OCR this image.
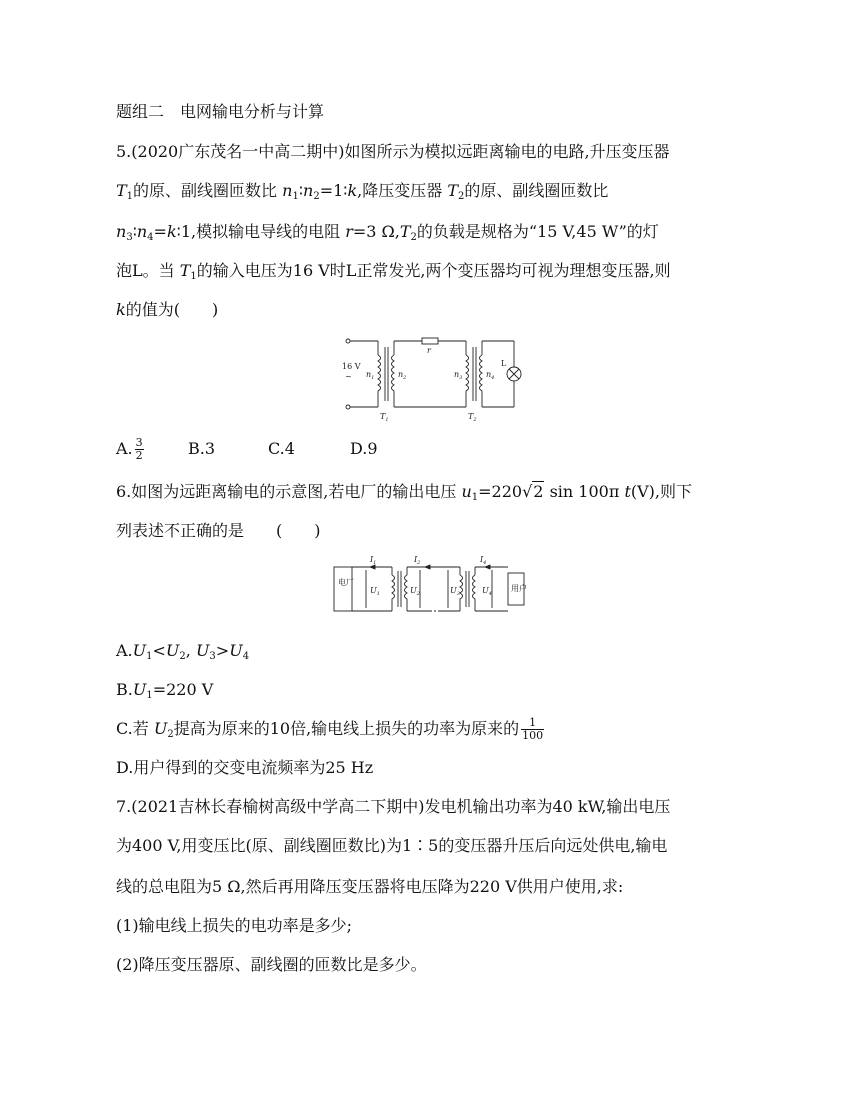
题组二　电网输电分析与计算
5.(2020广东茂名一中高二期中)如图所示为模拟远距离输电的电路,升压变压器
$T_1$的原、副线圈匝数比 $n_1∶n_2=1∶k$,降压变压器 $T_2$的原、副线圈匝数比
$n_3∶n_4=k∶1$,模拟输电导线的电阻 r=3 $\Omega,T_2$的负载是规格为“15 V,45 W”的灯
泡L。当 $T_1$的输入电压为16 V时L正常发光,两个变压器均可视为理想变压器,则
k的值为(　　)
16 V
~ $n_1$	$n_2$
r
$n_3$	$n_4$
L
$T_1$	$T_2$
A. $\frac{3}{2}$	B.3	C.4	D.9
6.如图为远距离输电的示意图,若电厂的输出电压 $u_1=220√2$ sin 100π t(V),则下
列表述不正确的是　　(　　)
电厂
用户
$I_1$	$I_2$	$I_4$
$U_1$	$U_2$	$U_3$	$U_4$
$A.U_1<U_2$, $U_3>U_4$
$B.U_1=220$ V
C.若 $U_2$提高为原来的10倍,输电线上损失的功率为原来的 $\frac{1}{100}$
D.用户得到的交变电流频率为25 Hz
7.(2021吉林长春榆树高级中学高二下期中)发电机输出功率为40 kW,输出电压
为400 V,用变压比(原、副线圈匝数比)为1∶5的变压器升压后向远处供电,输电
线的总电阻为5 Ω,然后再用降压变压器将电压降为220 V供用户使用,求:
(1)输电线上损失的电功率是多少;
(2)降压变压器原、副线圈的匝数比是多少。
